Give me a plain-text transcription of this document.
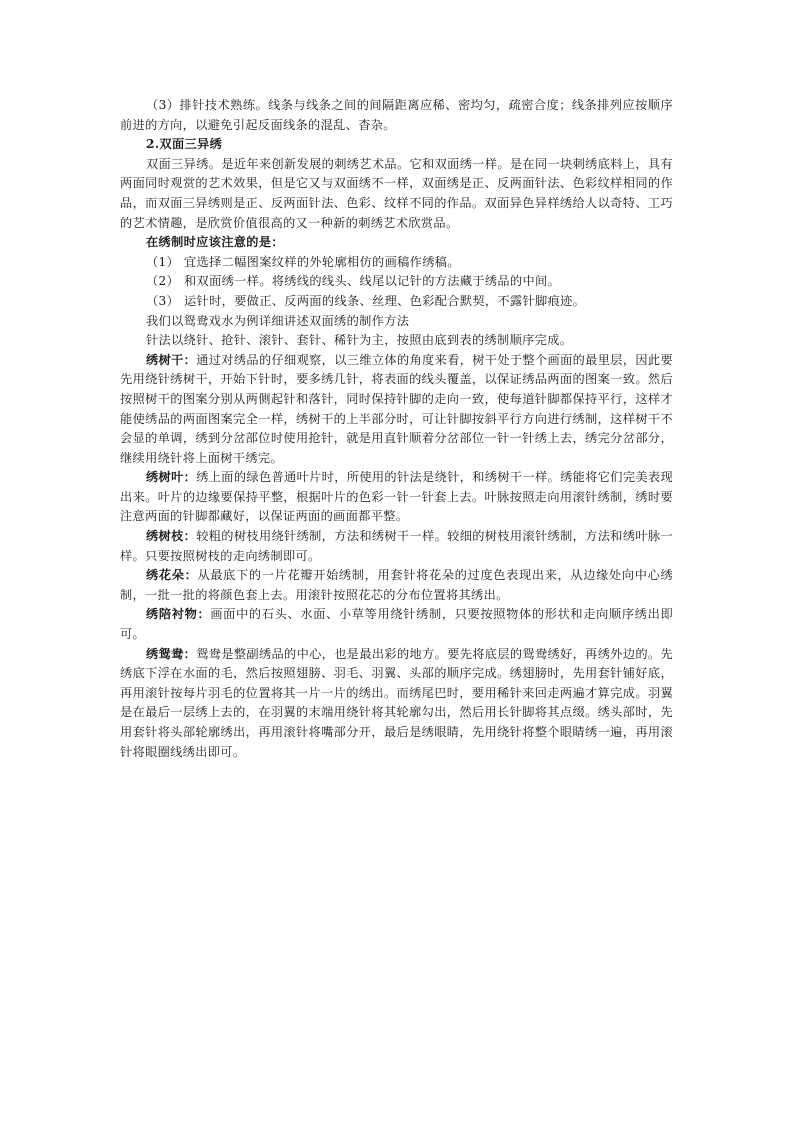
（3）排针技术熟练。线条与线条之间的间隔距离应稀、密均匀，疏密合度；线条排列应按顺序前进的方向，以避免引起反面线条的混乱、杳杂。

2.双面三异绣

双面三异绣。是近年来创新发展的刺绣艺术品。它和双面绣一样。是在同一块刺绣底料上，具有两面同时观赏的艺术效果，但是它又与双面绣不一样，双面绣是正、反两面针法、色彩纹样相同的作品，而双面三异绣则是正、反两面针法、色彩、纹样不同的作品。双面异色异样绣给人以奇特、工巧的艺术情趣，是欣赏价值很高的又一种新的刺绣艺术欣赏品。

在绣制时应该注意的是：

（1） 宜选择二幅图案纹样的外轮廓相仿的画稿作绣稿。

（2） 和双面绣一样。将绣线的线头、线尾以记针的方法藏于绣品的中间。

（3） 运针时，要做正、反两面的线条、丝理、色彩配合默契，不露针脚痕迹。

我们以鸳鸯戏水为例详细讲述双面绣的制作方法

针法以绕针、抢针、滚针、套针、稀针为主，按照由底到表的绣制顺序完成。

绣树干：通过对绣品的仔细观察，以三维立体的角度来看，树干处于整个画面的最里层，因此要先用绕针绣树干，开始下针时，要多绣几针，将表面的线头覆盖，以保证绣品两面的图案一致。然后按照树干的图案分别从两侧起针和落针，同时保持针脚的走向一致，使每道针脚都保持平行，这样才能使绣品的两面图案完全一样，绣树干的上半部分时，可让针脚按斜平行方向进行绣制，这样树干不会显的单调，绣到分岔部位时使用抢针，就是用直针顺着分岔部位一针一针绣上去，绣完分岔部分，继续用绕针将上面树干绣完。

绣树叶：绣上面的绿色普通叶片时，所使用的针法是绕针，和绣树干一样。绣能将它们完美表现出来。叶片的边缘要保持平整，根据叶片的色彩一针一针套上去。叶脉按照走向用滚针绣制，绣时要注意两面的针脚都藏好，以保证两面的画面都平整。

绣树枝：较粗的树枝用绕针绣制，方法和绣树干一样。较细的树枝用滚针绣制，方法和绣叶脉一样。只要按照树枝的走向绣制即可。

绣花朵：从最底下的一片花瓣开始绣制，用套针将花朵的过度色表现出来，从边缘处向中心绣制，一批一批的将颜色套上去。用滚针按照花芯的分布位置将其绣出。

绣陪衬物：画面中的石头、水面、小草等用绕针绣制，只要按照物体的形状和走向顺序绣出即可。

绣鸳鸯：鸳鸯是整副绣品的中心，也是最出彩的地方。要先将底层的鸳鸯绣好，再绣外边的。先绣底下浮在水面的毛，然后按照翅膀、羽毛、羽翼、头部的顺序完成。绣翅膀时，先用套针铺好底，再用滚针按每片羽毛的位置将其一片一片的绣出。而绣尾巴时，要用稀针来回走两遍才算完成。羽翼是在最后一层绣上去的，在羽翼的末端用绕针将其轮廓勾出，然后用长针脚将其点缀。绣头部时，先用套针将头部轮廓绣出，再用滚针将嘴部分开，最后是绣眼睛，先用绕针将整个眼睛绣一遍，再用滚针将眼圈线绣出即可。
